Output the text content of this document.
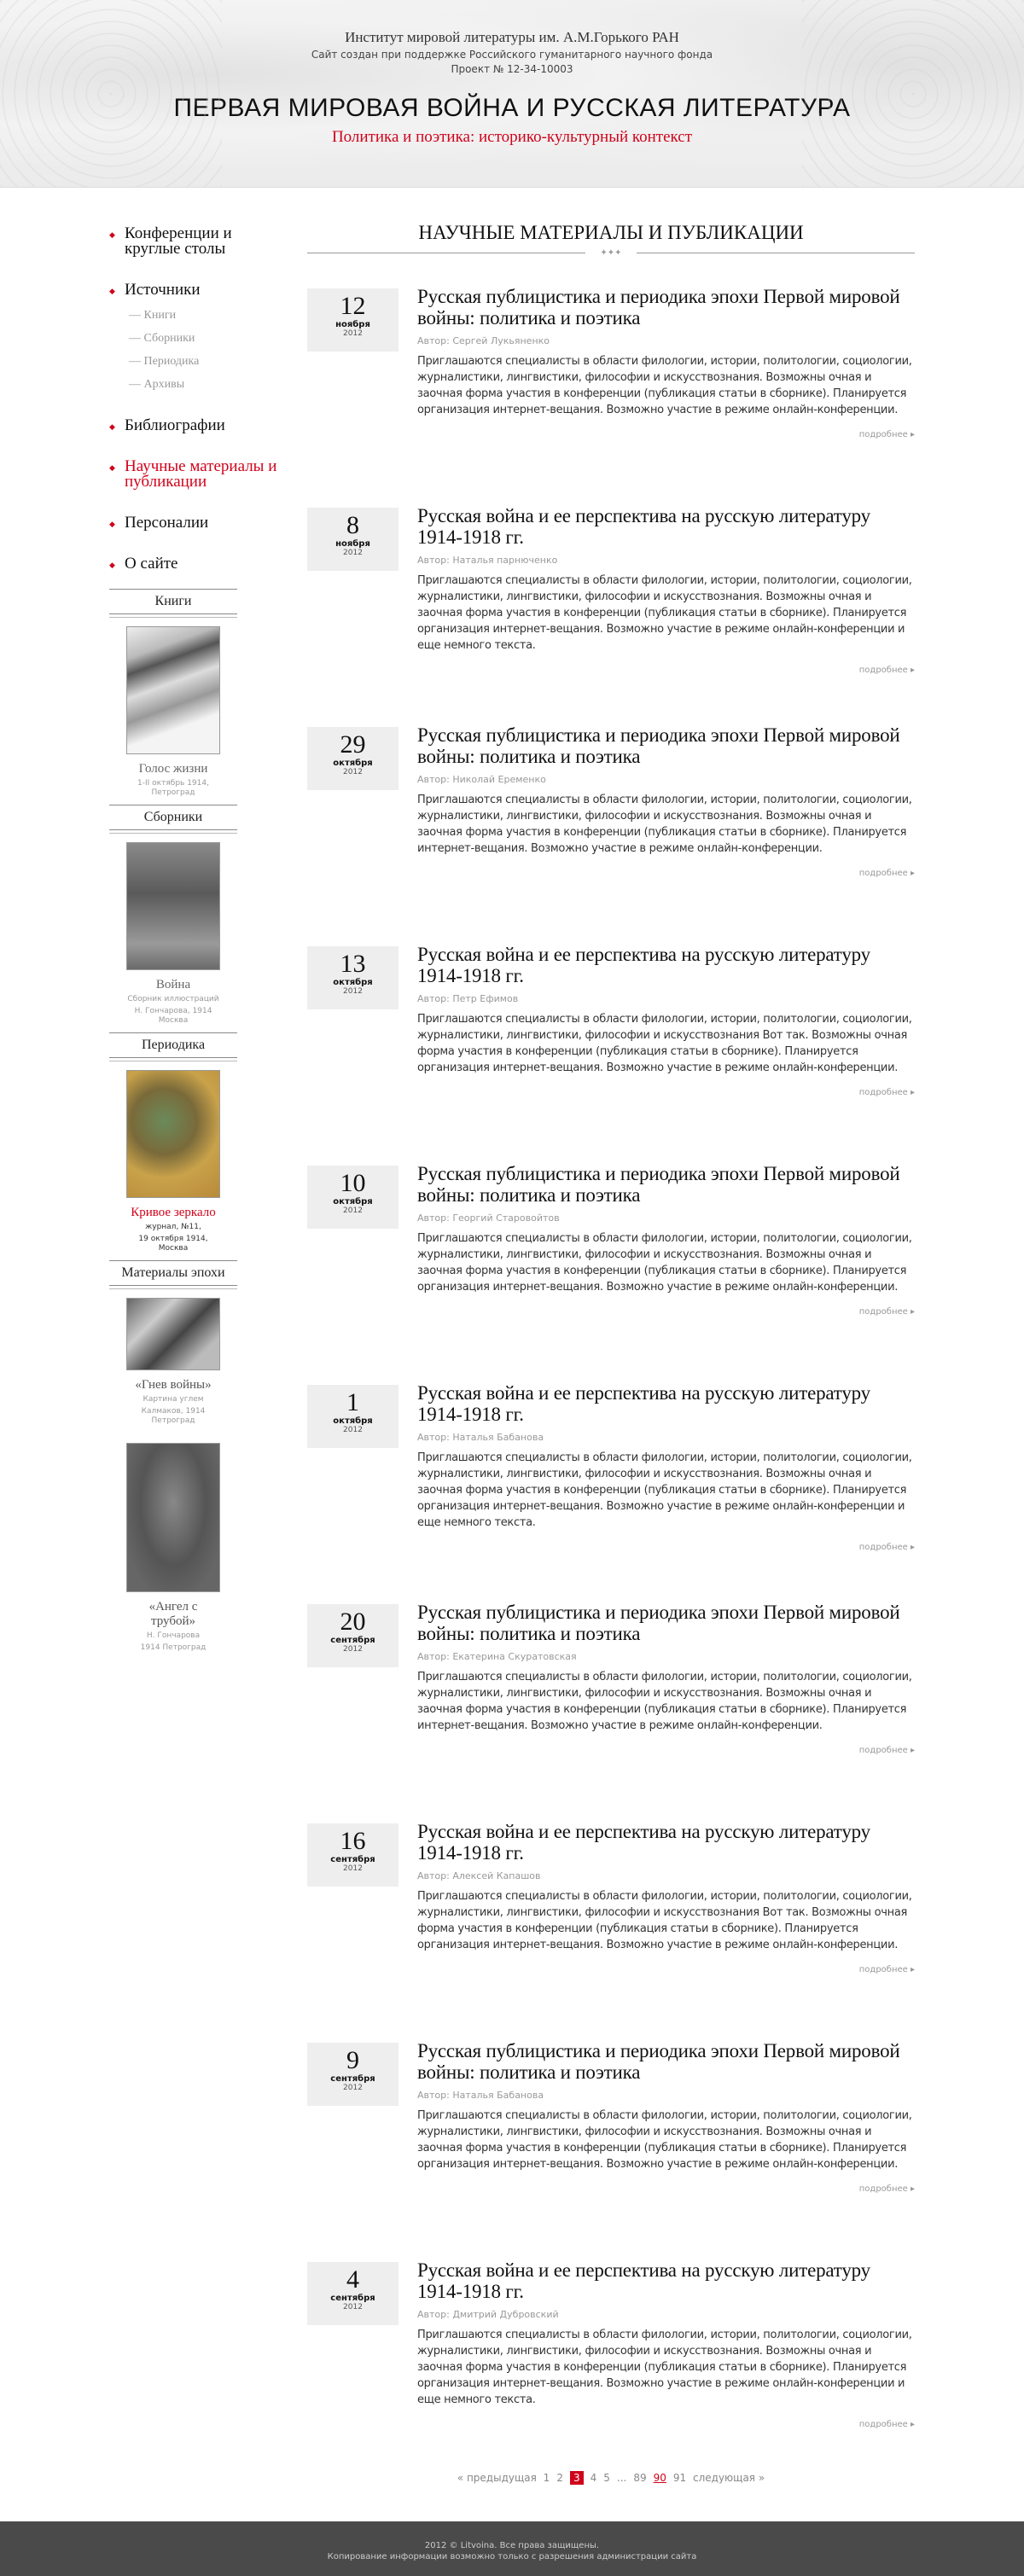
Институт мировой литературы им. А.М.Горького РАН
Сайт создан при поддержке Российского гуманитарного научного фонда
Проект № 12-34-10003
ПЕРВАЯ МИРОВАЯ ВОЙНА И РУССКАЯ ЛИТЕРАТУРА
Политика и поэтика: историко-культурный контекст
◆ Конференции и круглые столы
◆ Источники
— Книги
— Сборники
— Периодика
— Архивы
◆ Библиографии
◆ Научные материалы и публикации
◆ Персоналии
◆ О сайте
Книги
Голос жизни
1-ІІ октябрь 1914, Петроград
Сборники
Война
Сборник иллюстраций
Н. Гончарова, 1914 Москва
Периодика
Кривое зеркало
журнал, №11,
19 октября 1914, Москва
Материалы эпохи
«Гнев войны»
Картина углем
Калмаков, 1914 Петроград
«Ангел с трубой»
Н. Гончарова
1914 Петроград
НАУЧНЫЕ МАТЕРИАЛЫ И ПУБЛИКАЦИИ
✦✦✦
12
ноября
2012
Русская публицистика и периодика эпохи Первой мировой войны: политика и поэтика
Автор: Сергей Лукьяненко
Приглашаются специалисты в области филологии, истории, политологии, социологии, журналистики, лингвистики, философии и искусствознания. Возможны очная и заочная форма участия в конференции (публикация статьи в сборнике). Планируется организация интернет-вещания. Возможно участие в режиме онлайн-конференции.
подробнее ▸
8
ноября
2012
Русская война и ее перспектива на русскую литературу 1914-1918 гг.
Автор: Наталья парнюченко
Приглашаются специалисты в области филологии, истории, политологии, социологии, журналистики, лингвистики, философии и искусствознания. Возможны очная и заочная форма участия в конференции (публикация статьи в сборнике). Планируется организация интернет-вещания. Возможно участие в режиме онлайн-конференции и еще немного текста.
подробнее ▸
29
октября
2012
Русская публицистика и периодика эпохи Первой мировой войны: политика и поэтика
Автор: Николай Еременко
Приглашаются специалисты в области филологии, истории, политологии, социологии, журналистики, лингвистики, философии и искусствознания. Возможны очная и заочная форма участия в конференции (публикация статьи в сборнике). Планируется интернет-вещания. Возможно участие в режиме онлайн-конференции.
подробнее ▸
13
октября
2012
Русская война и ее перспектива на русскую литературу 1914-1918 гг.
Автор: Петр Ефимов
Приглашаются специалисты в области филологии, истории, политологии, социологии, журналистики, лингвистики, философии и искусствознания Вот так. Возможны очная форма участия в конференции (публикация статьи в сборнике). Планируется организация интернет-вещания. Возможно участие в режиме онлайн-конференции.
подробнее ▸
10
октября
2012
Русская публицистика и периодика эпохи Первой мировой войны: политика и поэтика
Автор: Георгий Старовойтов
Приглашаются специалисты в области филологии, истории, политологии, социологии, журналистики, лингвистики, философии и искусствознания. Возможны очная и заочная форма участия в конференции (публикация статьи в сборнике). Планируется организация интернет-вещания. Возможно участие в режиме онлайн-конференции.
подробнее ▸
1
октября
2012
Русская война и ее перспектива на русскую литературу 1914-1918 гг.
Автор: Наталья Бабанова
Приглашаются специалисты в области филологии, истории, политологии, социологии, журналистики, лингвистики, философии и искусствознания. Возможны очная и заочная форма участия в конференции (публикация статьи в сборнике). Планируется организация интернет-вещания. Возможно участие в режиме онлайн-конференции и еще немного текста.
подробнее ▸
20
сентября
2012
Русская публицистика и периодика эпохи Первой мировой войны: политика и поэтика
Автор: Екатерина Скуратовская
Приглашаются специалисты в области филологии, истории, политологии, социологии, журналистики, лингвистики, философии и искусствознания. Возможны очная и заочная форма участия в конференции (публикация статьи в сборнике). Планируется интернет-вещания. Возможно участие в режиме онлайн-конференции.
подробнее ▸
16
сентября
2012
Русская война и ее перспектива на русскую литературу 1914-1918 гг.
Автор: Алексей Капашов
Приглашаются специалисты в области филологии, истории, политологии, социологии, журналистики, лингвистики, философии и искусствознания Вот так. Возможны очная форма участия в конференции (публикация статьи в сборнике). Планируется организация интернет-вещания. Возможно участие в режиме онлайн-конференции.
подробнее ▸
9
сентября
2012
Русская публицистика и периодика эпохи Первой мировой войны: политика и поэтика
Автор: Наталья Бабанова
Приглашаются специалисты в области филологии, истории, политологии, социологии, журналистики, лингвистики, философии и искусствознания. Возможны очная и заочная форма участия в конференции (публикация статьи в сборнике). Планируется организация интернет-вещания. Возможно участие в режиме онлайн-конференции.
подробнее ▸
4
сентября
2012
Русская война и ее перспектива на русскую литературу 1914-1918 гг.
Автор: Дмитрий Дубровский
Приглашаются специалисты в области филологии, истории, политологии, социологии, журналистики, лингвистики, философии и искусствознания. Возможны очная и заочная форма участия в конференции (публикация статьи в сборнике). Планируется организация интернет-вещания. Возможно участие в режиме онлайн-конференции и еще немного текста.
подробнее ▸
« предыдущая 1 2 3 4 5 ... 89 90 91 следующая »
2012 © Litvoina. Все права защищены.
Копирование информации возможно только с разрешения администрации сайта
